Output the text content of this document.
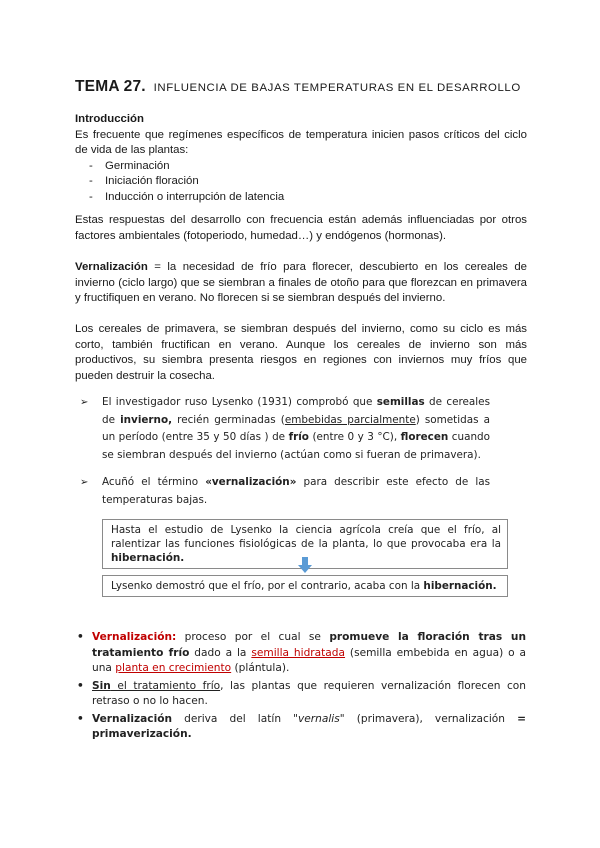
TEMA 27. INFLUENCIA DE BAJAS TEMPERATURAS EN EL DESARROLLO
Introducción
Es frecuente que regímenes específicos de temperatura inicien pasos críticos del ciclo de vida de las plantas:
- Germinación
- Iniciación floración
- Inducción o interrupción de latencia
Estas respuestas del desarrollo con frecuencia están además influenciadas por otros factores ambientales (fotoperiodo, humedad…) y endógenos (hormonas).
Vernalización = la necesidad de frío para florecer, descubierto en los cereales de invierno (ciclo largo) que se siembran a finales de otoño para que florezcan en primavera y fructifiquen en verano. No florecen si se siembran después del invierno.
Los cereales de primavera, se siembran después del invierno, como su ciclo es más corto, también fructifican en verano. Aunque los cereales de invierno son más productivos, su siembra presenta riesgos en regiones con inviernos muy fríos que pueden destruir la cosecha.
➢ El investigador ruso Lysenko (1931) comprobó que semillas de cereales de invierno, recién germinadas (embebidas parcialmente) sometidas a un período (entre 35 y 50 días ) de frío (entre 0 y 3 °C), florecen cuando se siembran después del invierno (actúan como si fueran de primavera).
➢ Acuñó el término «vernalización» para describir este efecto de las temperaturas bajas.
Hasta el estudio de Lysenko la ciencia agrícola creía que el frío, al ralentizar las funciones fisiológicas de la planta, lo que provocaba era la hibernación.
Lysenko demostró que el frío, por el contrario, acaba con la hibernación.
• Vernalización: proceso por el cual se promueve la floración tras un tratamiento frío dado a la semilla hidratada (semilla embebida en agua) o a una planta en crecimiento (plántula).
• Sin el tratamiento frío, las plantas que requieren vernalización florecen con retraso o no lo hacen.
• Vernalización deriva del latín "vernalis" (primavera), vernalización = primaverización.
